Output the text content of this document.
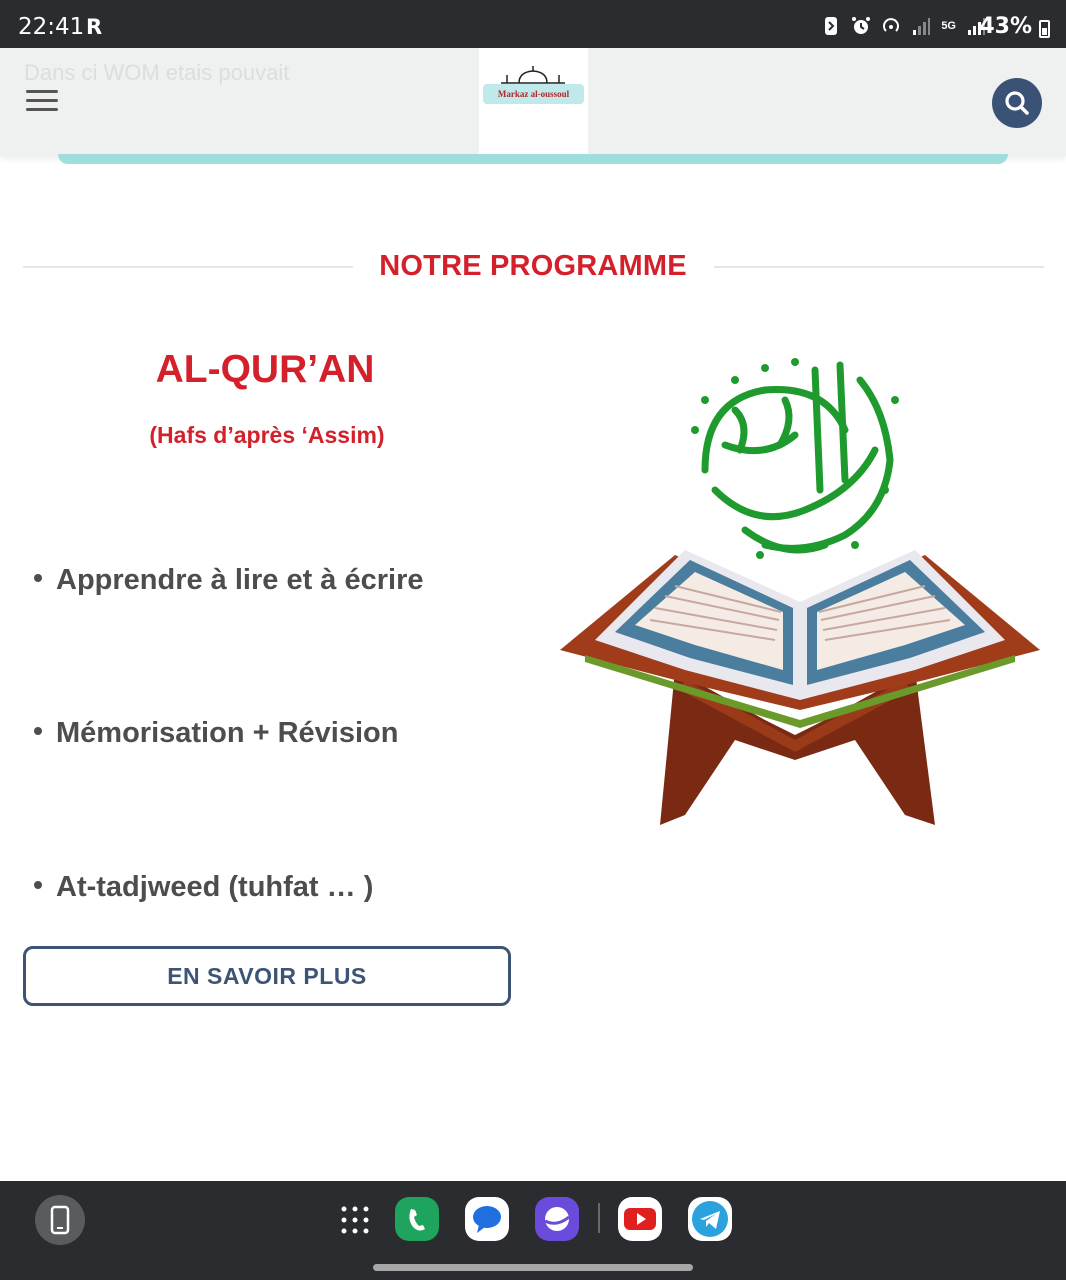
22:41 R	5G 43%
Dans ci WOM etais pouvait
Markaz al-oussoul
NOTRE PROGRAMME
AL-QUR’AN
(Hafs d’après ‘Assim)
Apprendre à lire et à écrire
Mémorisation + Révision
At-tadjweed (tuhfat … )
EN SAVOIR PLUS
